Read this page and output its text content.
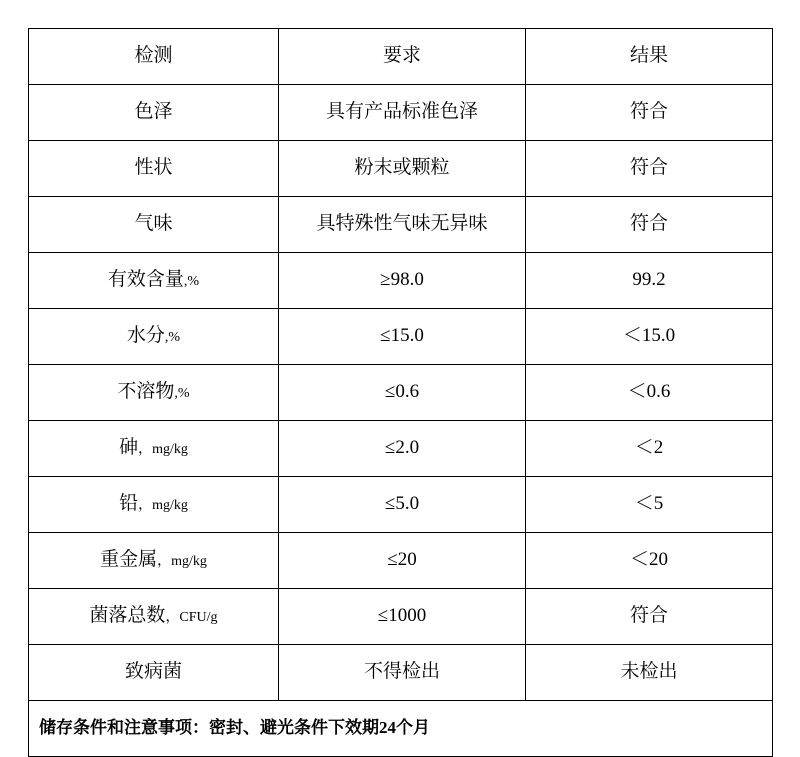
检测	要求	结果

色泽	具有产品标准色泽	符合

性状	粉末或颗粒	符合

气味	具特殊性气味无异味	符合

有效含量,%	≥98.0	99.2

水分,%	≤15.0	＜15.0

不溶物,%	≤0.6	＜0.6

砷，mg/kg	≤2.0	＜2

铅，mg/kg	≤5.0	＜5

重金属，mg/kg	≤20	＜20

菌落总数，CFU/g	≤1000	符合

致病菌	不得检出	未检出

储存条件和注意事项：密封、避光条件下效期24个月		
